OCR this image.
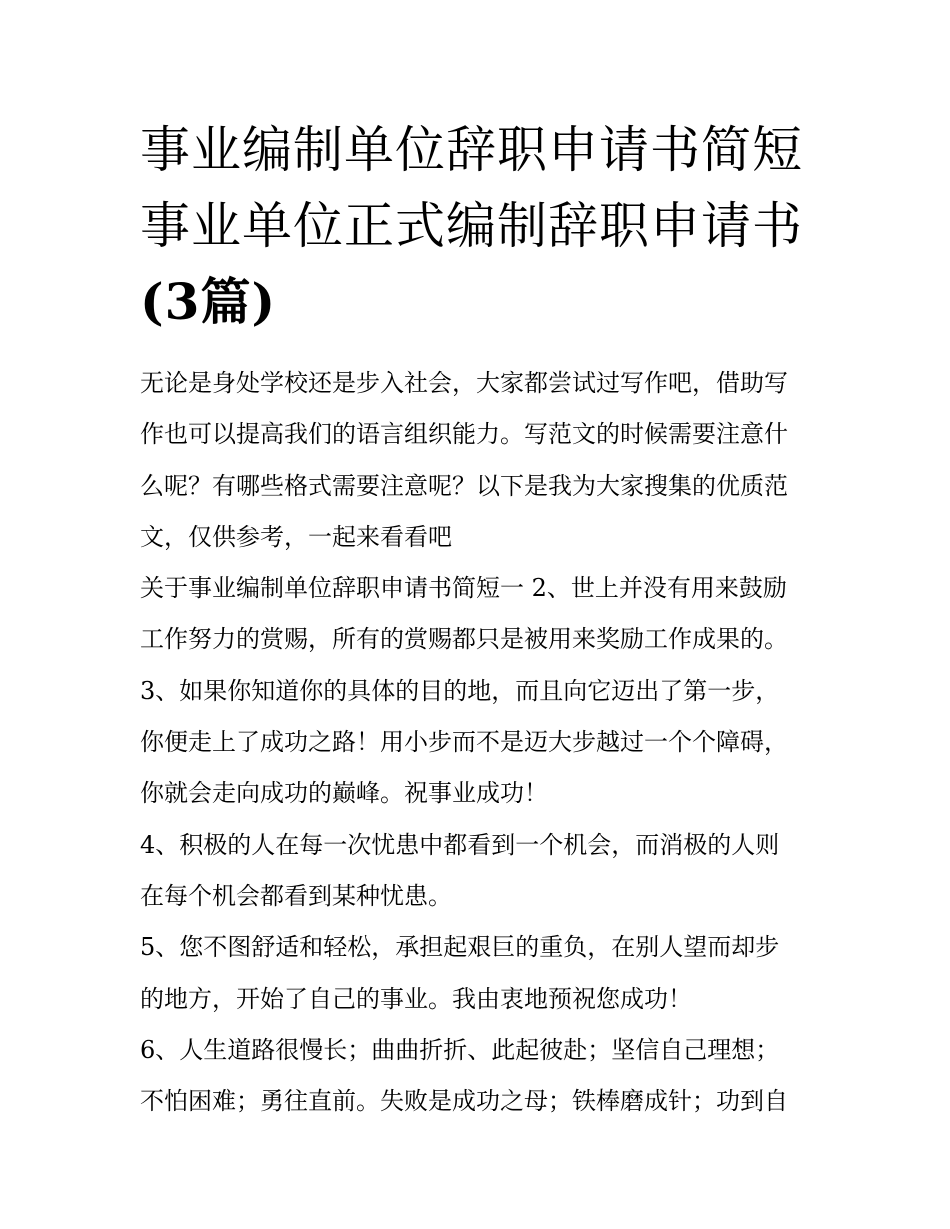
事业编制单位辞职申请书简短
事业单位正式编制辞职申请书
(3篇)
无论是身处学校还是步入社会，大家都尝试过写作吧，借助写
作也可以提高我们的语言组织能力。写范文的时候需要注意什
么呢？有哪些格式需要注意呢？以下是我为大家搜集的优质范
文，仅供参考，一起来看看吧
关于事业编制单位辞职申请书简短一 2、世上并没有用来鼓励
工作努力的赏赐，所有的赏赐都只是被用来奖励工作成果的。
3、如果你知道你的具体的目的地，而且向它迈出了第一步，
你便走上了成功之路！用小步而不是迈大步越过一个个障碍，
你就会走向成功的巅峰。祝事业成功！
4、积极的人在每一次忧患中都看到一个机会，而消极的人则
在每个机会都看到某种忧患。
5、您不图舒适和轻松，承担起艰巨的重负，在别人望而却步
的地方，开始了自己的事业。我由衷地预祝您成功！
6、人生道路很慢长；曲曲折折、此起彼赴；坚信自己理想；
不怕困难；勇往直前。失败是成功之母；铁棒磨成针；功到自
